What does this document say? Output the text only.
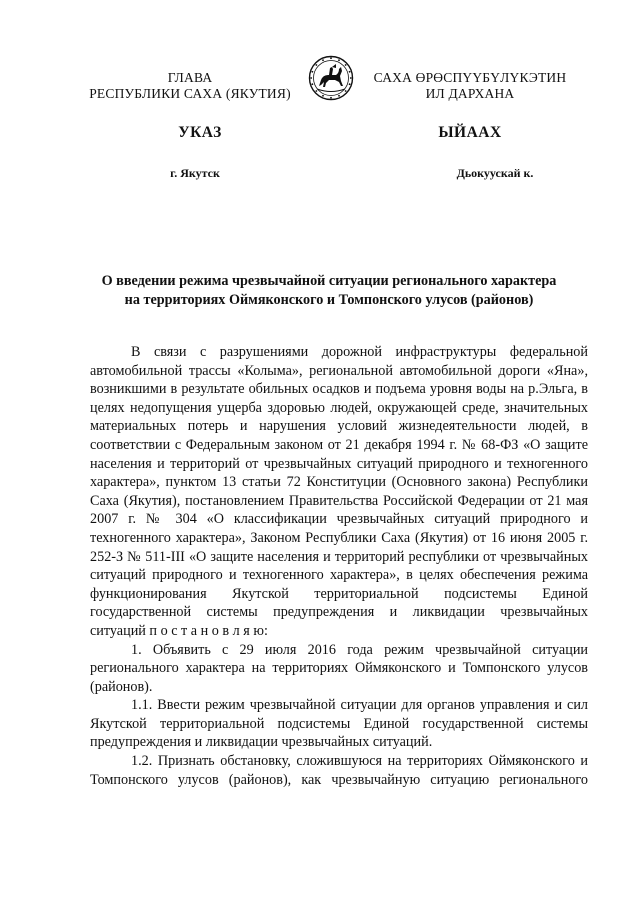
ГЛАВА
РЕСПУБЛИКИ САХА (ЯКУТИЯ)
САХА ӨРӨСПҮҮБҮЛҮКЭТИН
ИЛ ДАРХАНА
УКАЗ	ЫЙААХ
г. Якутск	Дьокуускай к.
О введении режима чрезвычайной ситуации регионального характера
на территориях Оймяконского и Томпонского улусов (районов)

В связи с разрушениями дорожной инфраструктуры федеральной автомобильной трассы «Колыма», региональной автомобильной дороги «Яна», возникшими в результате обильных осадков и подъема уровня воды на р.Эльга, в целях недопущения ущерба здоровью людей, окружающей среде, значительных материальных потерь и нарушения условий жизнедеятельности людей, в соответствии с Федеральным законом от 21 декабря 1994 г. № 68-ФЗ «О защите населения и территорий от чрезвычайных ситуаций природного и техногенного характера», пунктом 13 статьи 72 Конституции (Основного закона) Республики Саха (Якутия), постановлением Правительства Российской Федерации от 21 мая 2007 г. № 304 «О классификации чрезвычайных ситуаций природного и техногенного характера», Законом Республики Саха (Якутия) от 16 июня 2005 г. 252-З № 511-III «О защите населения и территорий республики от чрезвычайных ситуаций природного и техногенного характера», в целях обеспечения режима функционирования Якутской территориальной подсистемы Единой государственной системы предупреждения и ликвидации чрезвычайных ситуаций п о с т а н о в л я ю:

1. Объявить с 29 июля 2016 года режим чрезвычайной ситуации регионального характера на территориях Оймяконского и Томпонского улусов (районов).

1.1. Ввести режим чрезвычайной ситуации для органов управления и сил Якутской территориальной подсистемы Единой государственной системы предупреждения и ликвидации чрезвычайных ситуаций.

1.2. Признать обстановку, сложившуюся на территориях Оймяконского и Томпонского улусов (районов), как чрезвычайную ситуацию регионального
